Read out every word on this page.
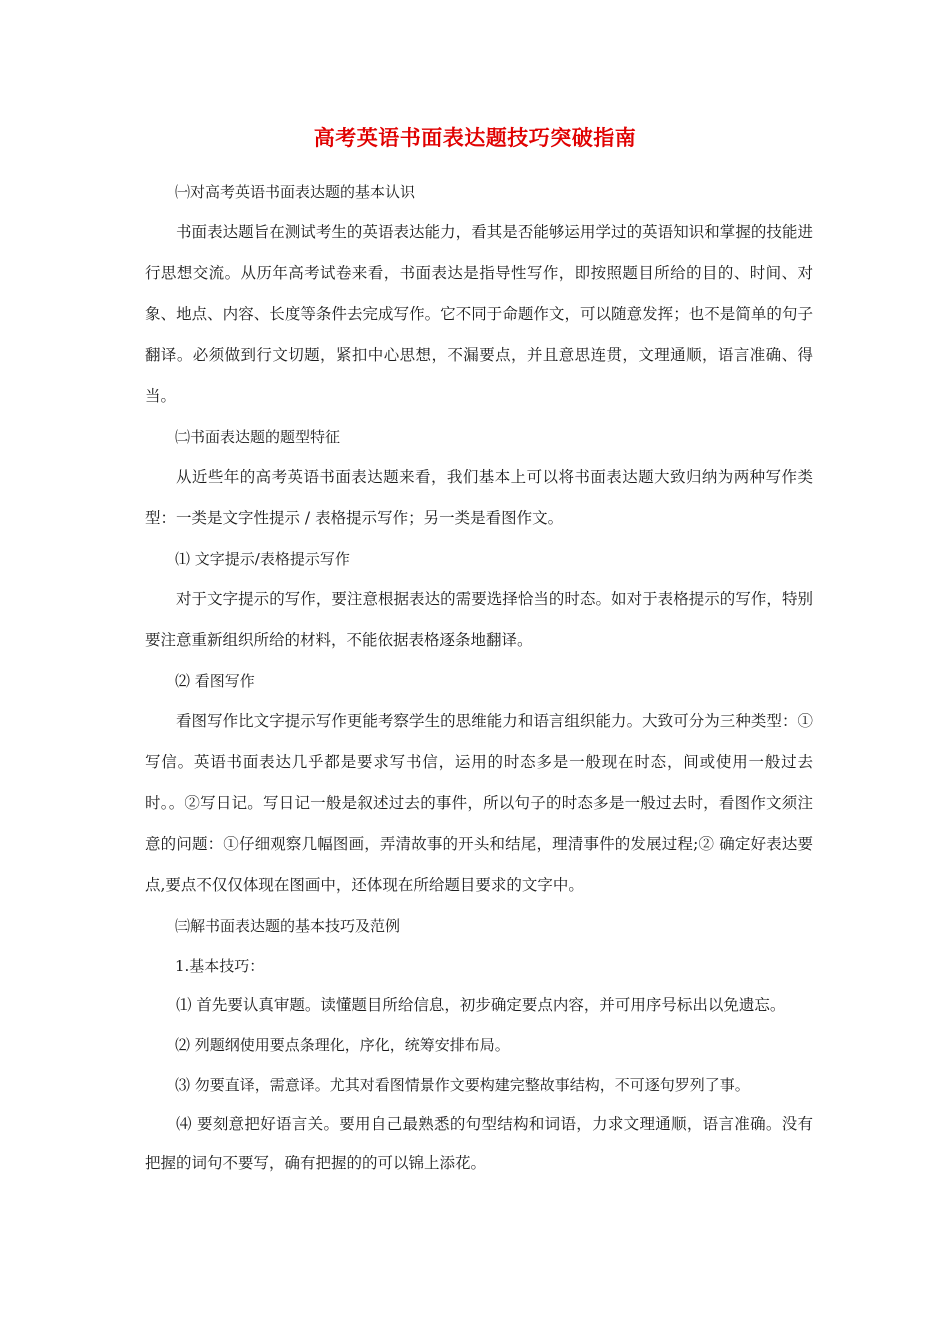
高考英语书面表达题技巧突破指南

㈠对高考英语书面表达题的基本认识

书面表达题旨在测试考生的英语表达能力，看其是否能够运用学过的英语知识和掌握的技能进行思想交流。从历年高考试卷来看，书面表达是指导性写作，即按照题目所给的目的、时间、对象、地点、内容、长度等条件去完成写作。它不同于命题作文，可以随意发挥；也不是简单的句子翻译。必须做到行文切题，紧扣中心思想，不漏要点，并且意思连贯，文理通顺，语言准确、得当。

㈡书面表达题的题型特征

从近些年的高考英语书面表达题来看，我们基本上可以将书面表达题大致归纳为两种写作类型：一类是文字性提示 / 表格提示写作；另一类是看图作文。

⑴ 文字提示/表格提示写作

对于文字提示的写作，要注意根据表达的需要选择恰当的时态。如对于表格提示的写作，特别要注意重新组织所给的材料，不能依据表格逐条地翻译。

⑵ 看图写作

看图写作比文字提示写作更能考察学生的思维能力和语言组织能力。大致可分为三种类型：①写信。英语书面表达几乎都是要求写书信，运用的时态多是一般现在时态，间或使用一般过去时。。②写日记。写日记一般是叙述过去的事件，所以句子的时态多是一般过去时，看图作文须注意的问题：①仔细观察几幅图画，弄清故事的开头和结尾，理清事件的发展过程;② 确定好表达要点,要点不仅仅体现在图画中，还体现在所给题目要求的文字中。

㈢解书面表达题的基本技巧及范例

1.基本技巧：

⑴ 首先要认真审题。读懂题目所给信息，初步确定要点内容，并可用序号标出以免遗忘。

⑵ 列题纲使用要点条理化，序化，统筹安排布局。

⑶ 勿要直译，需意译。尤其对看图情景作文要构建完整故事结构，不可逐句罗列了事。

⑷ 要刻意把好语言关。要用自己最熟悉的句型结构和词语，力求文理通顺，语言准确。没有把握的词句不要写，确有把握的的可以锦上添花。
